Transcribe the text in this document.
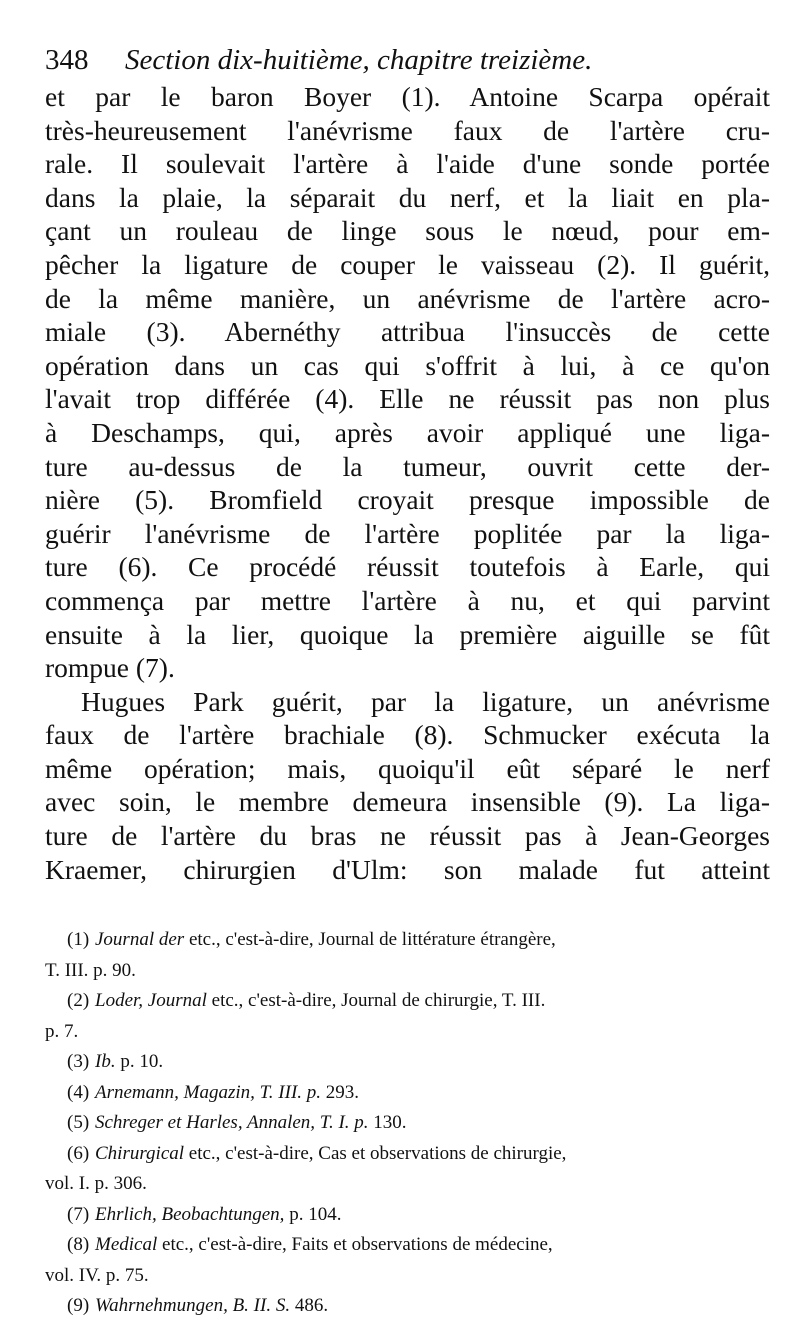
348 Section dix-huitième, chapitre treizième.
et par le baron Boyer (1). Antoine Scarpa opérait
très-heureusement l'anévrisme faux de l'artère cru-
rale. Il soulevait l'artère à l'aide d'une sonde portée
dans la plaie, la séparait du nerf, et la liait en pla-
çant un rouleau de linge sous le nœud, pour em-
pêcher la ligature de couper le vaisseau (2). Il guérit,
de la même manière, un anévrisme de l'artère acro-
miale (3). Abernéthy attribua l'insuccès de cette
opération dans un cas qui s'offrit à lui, à ce qu'on
l'avait trop différée (4). Elle ne réussit pas non plus
à Deschamps, qui, après avoir appliqué une liga-
ture au-dessus de la tumeur, ouvrit cette der-
nière (5). Bromfield croyait presque impossible de
guérir l'anévrisme de l'artère poplitée par la liga-
ture (6). Ce procédé réussit toutefois à Earle, qui
commença par mettre l'artère à nu, et qui parvint
ensuite à la lier, quoique la première aiguille se fût
rompue (7).
Hugues Park guérit, par la ligature, un anévrisme
faux de l'artère brachiale (8). Schmucker exécuta la
même opération; mais, quoiqu'il eût séparé le nerf
avec soin, le membre demeura insensible (9). La liga-
ture de l'artère du bras ne réussit pas à Jean-Georges
Kraemer, chirurgien d'Ulm: son malade fut atteint
(1) Journal der etc., c'est-à-dire, Journal de littérature étrangère,
T. III. p. 90.
(2) Loder, Journal etc., c'est-à-dire, Journal de chirurgie, T. III.
p. 7.
(3) Ib. p. 10.
(4) Arnemann, Magazin, T. III. p. 293.
(5) Schreger et Harles, Annalen, T. I. p. 130.
(6) Chirurgical etc., c'est-à-dire, Cas et observations de chirurgie,
vol. I. p. 306.
(7) Ehrlich, Beobachtungen, p. 104.
(8) Medical etc., c'est-à-dire, Faits et observations de médecine,
vol. IV. p. 75.
(9) Wahrnehmungen, B. II. S. 486.
